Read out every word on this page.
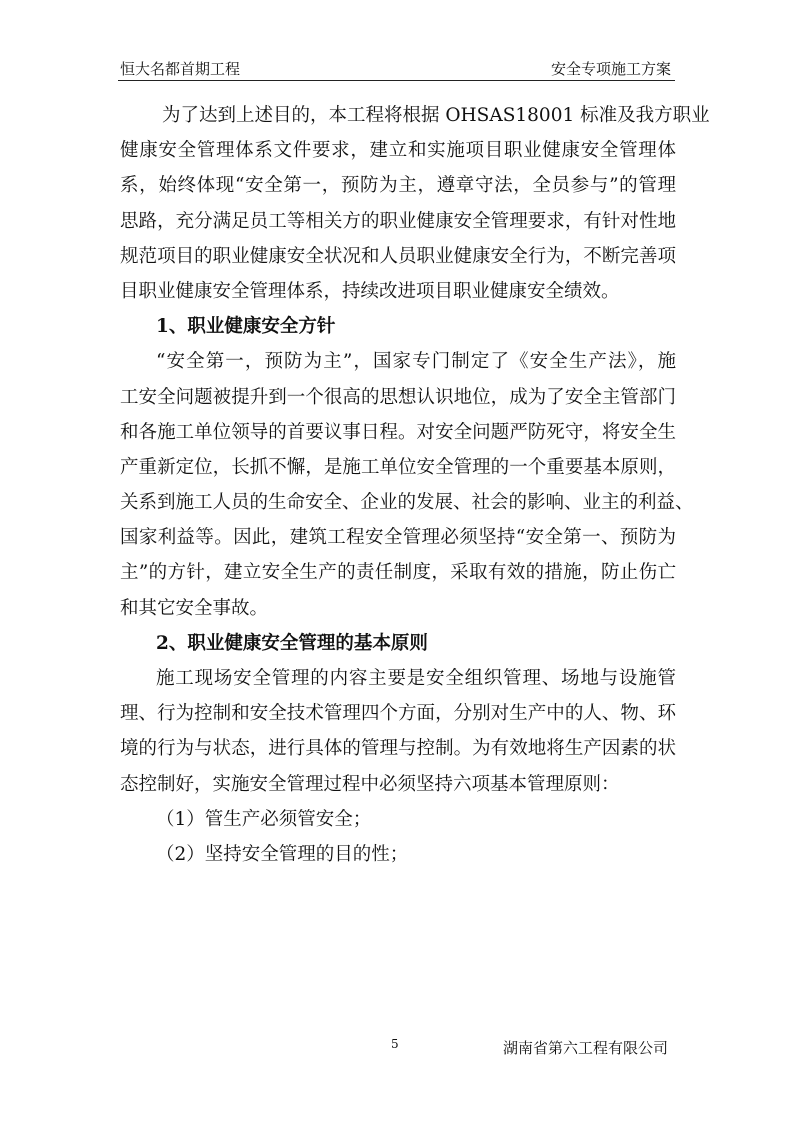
恒大名都首期工程	安全专项施工方案
为了达到上述目的，本工程将根据 OHSAS18001 标准及我方职业
健康安全管理体系文件要求，建立和实施项目职业健康安全管理体
系，始终体现“安全第一，预防为主，遵章守法，全员参与”的管理
思路，充分满足员工等相关方的职业健康安全管理要求，有针对性地
规范项目的职业健康安全状况和人员职业健康安全行为，不断完善项
目职业健康安全管理体系，持续改进项目职业健康安全绩效。
1、职业健康安全方针
“安全第一，预防为主”，国家专门制定了《安全生产法》，施
工安全问题被提升到一个很高的思想认识地位，成为了安全主管部门
和各施工单位领导的首要议事日程。对安全问题严防死守，将安全生
产重新定位，长抓不懈，是施工单位安全管理的一个重要基本原则，
关系到施工人员的生命安全、企业的发展、社会的影响、业主的利益、
国家利益等。因此，建筑工程安全管理必须坚持“安全第一、预防为
主”的方针，建立安全生产的责任制度，采取有效的措施，防止伤亡
和其它安全事故。
2、职业健康安全管理的基本原则
施工现场安全管理的内容主要是安全组织管理、场地与设施管
理、行为控制和安全技术管理四个方面，分别对生产中的人、物、环
境的行为与状态，进行具体的管理与控制。为有效地将生产因素的状
态控制好，实施安全管理过程中必须坚持六项基本管理原则：
（1）管生产必须管安全；
（2）坚持安全管理的目的性；
5	湖南省第六工程有限公司
